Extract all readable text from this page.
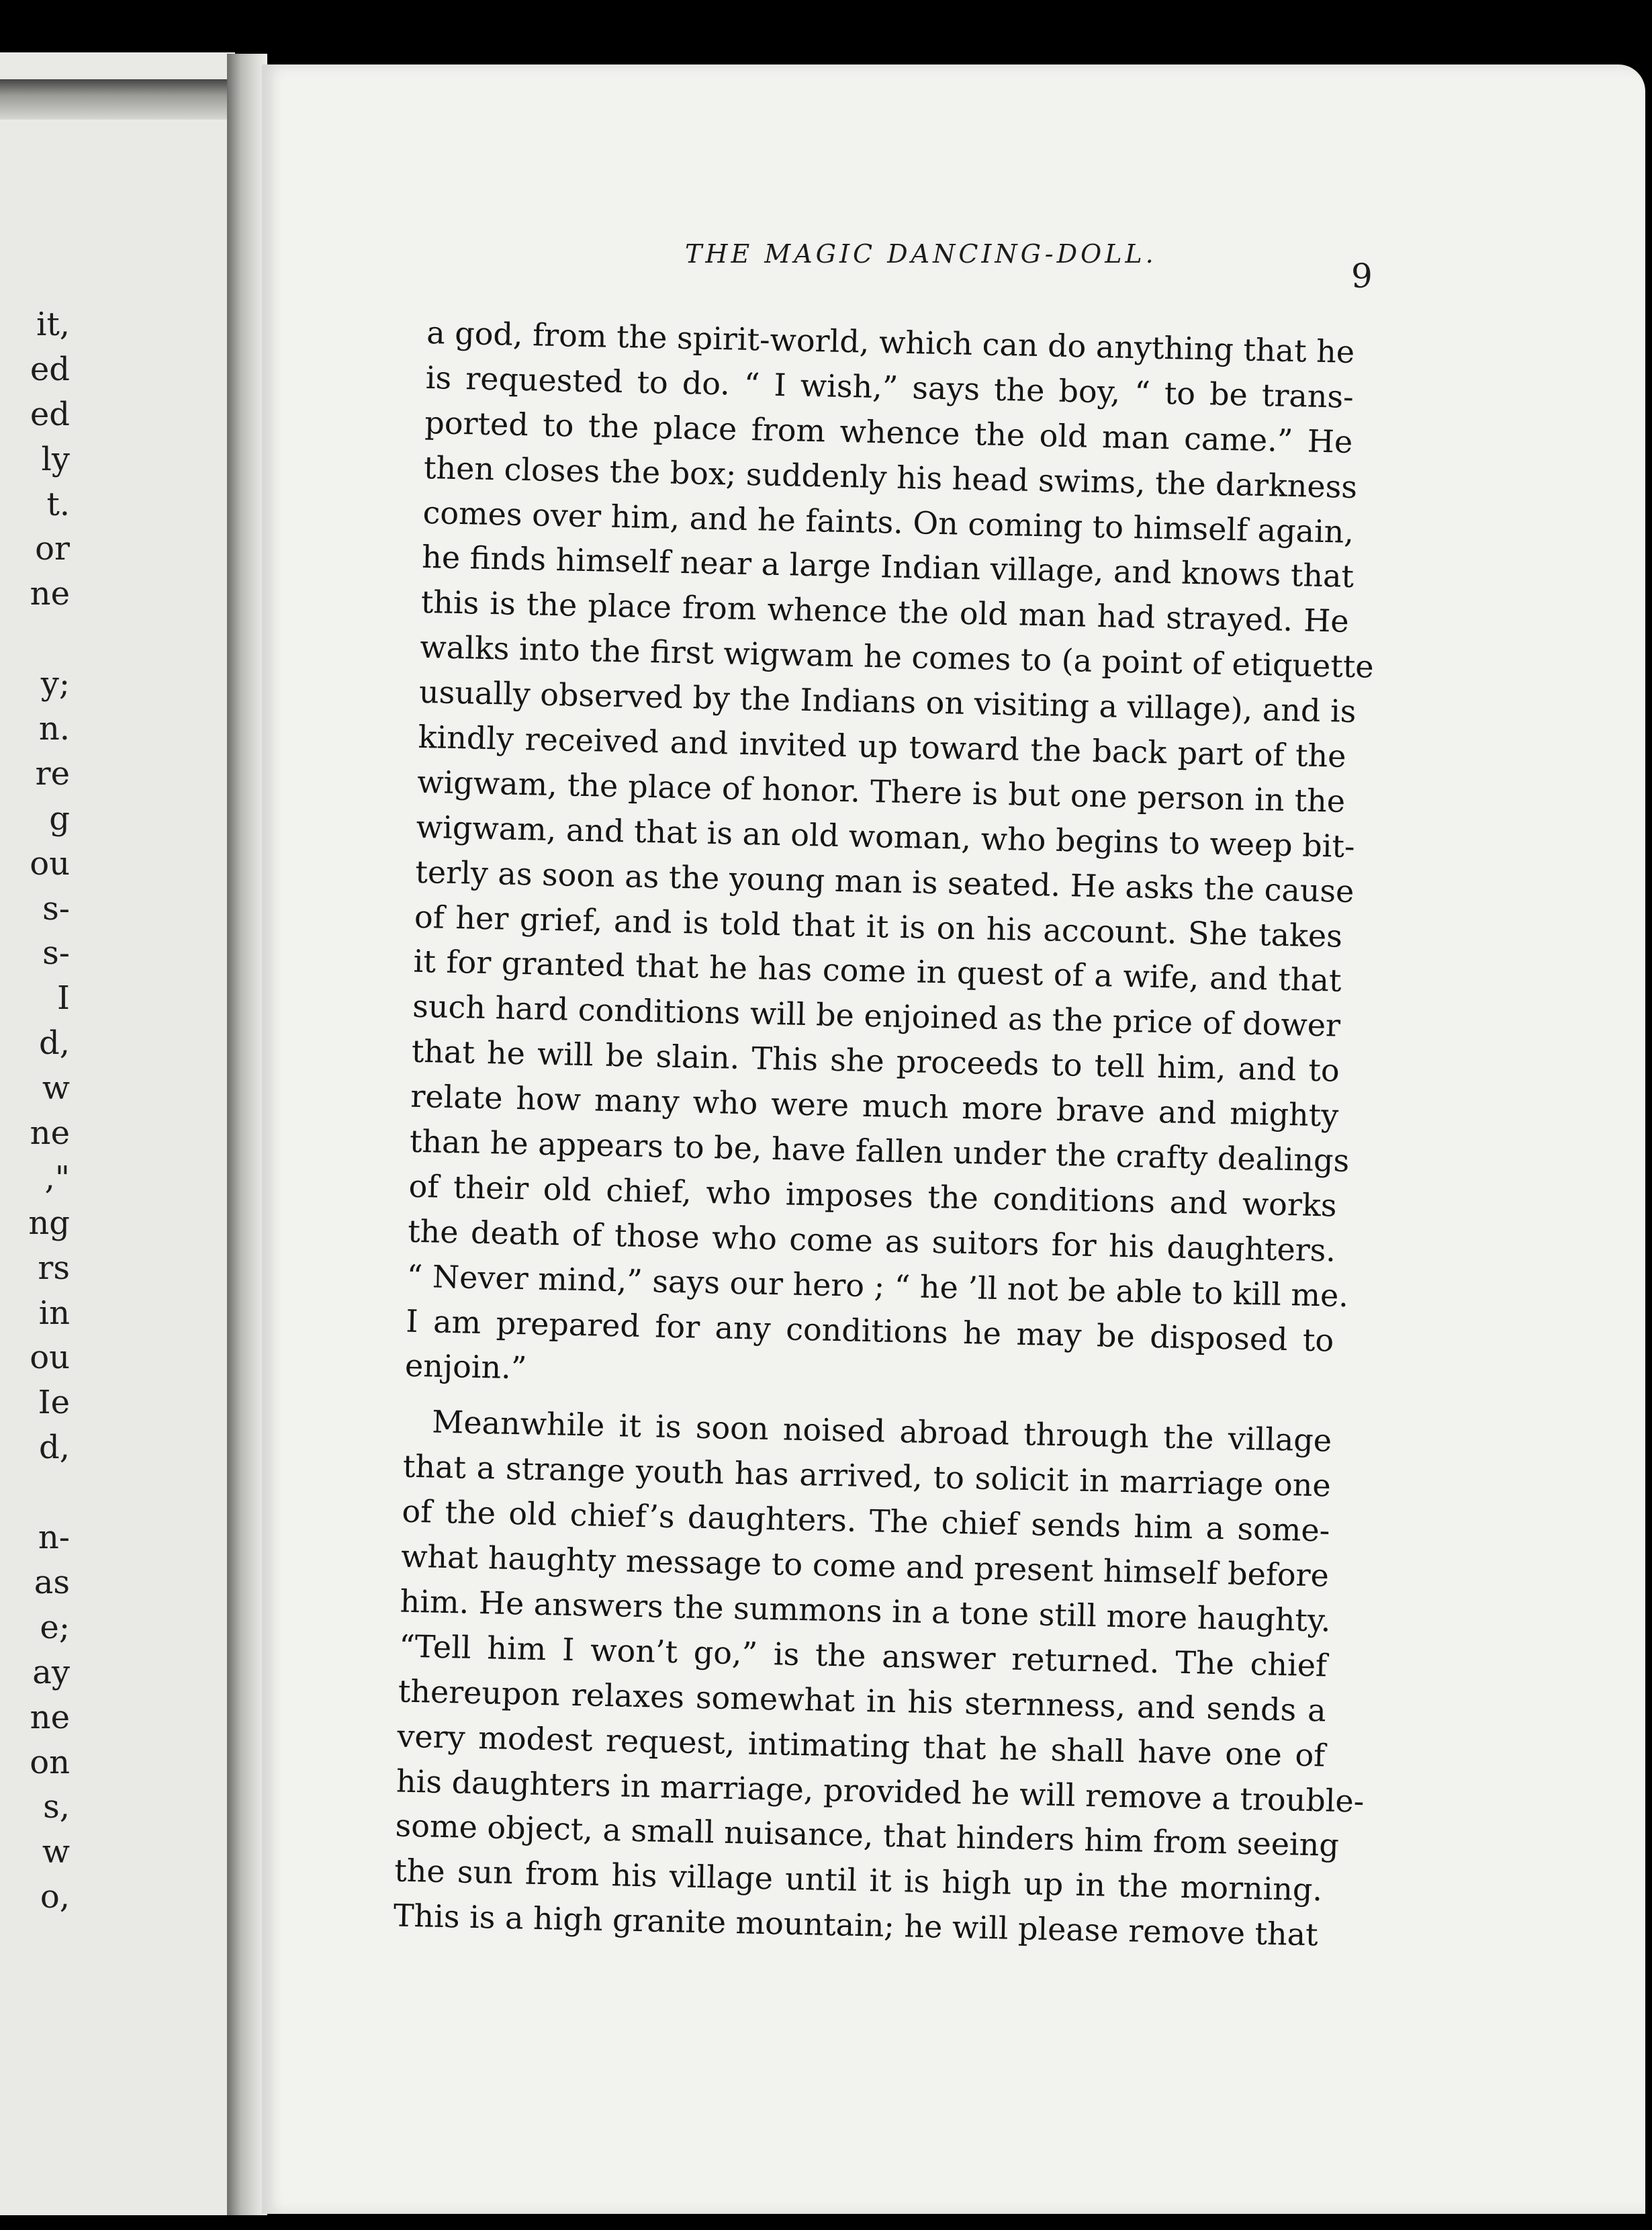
it,
ed
ed
ly
t.
or
ne
y;
n.
re
g
ou
s-
s-
I
d,
w
ne
,"
ng
rs
in
ou
Ie
d,
n-
as
e;
ay
ne
on
s,
w
o,
THE MAGIC DANCING-DOLL.
9
a god, from the spirit-world, which can do anything that he
is requested to do. “ I wish,” says the boy, “ to be trans-
ported to the place from whence the old man came.” He
then closes the box; suddenly his head swims, the darkness
comes over him, and he faints. On coming to himself again,
he finds himself near a large Indian village, and knows that
this is the place from whence the old man had strayed. He
walks into the first wigwam he comes to (a point of etiquette
usually observed by the Indians on visiting a village), and is
kindly received and invited up toward the back part of the
wigwam, the place of honor. There is but one person in the
wigwam, and that is an old woman, who begins to weep bit-
terly as soon as the young man is seated. He asks the cause
of her grief, and is told that it is on his account. She takes
it for granted that he has come in quest of a wife, and that
such hard conditions will be enjoined as the price of dower
that he will be slain. This she proceeds to tell him, and to
relate how many who were much more brave and mighty
than he appears to be, have fallen under the crafty dealings
of their old chief, who imposes the conditions and works
the death of those who come as suitors for his daughters.
“ Never mind,” says our hero ; “ he ’ll not be able to kill me.
I am prepared for any conditions he may be disposed to
enjoin.”
Meanwhile it is soon noised abroad through the village
that a strange youth has arrived, to solicit in marriage one
of the old chief’s daughters. The chief sends him a some-
what haughty message to come and present himself before
him. He answers the summons in a tone still more haughty.
“Tell him I won’t go,” is the answer returned. The chief
thereupon relaxes somewhat in his sternness, and sends a
very modest request, intimating that he shall have one of
his daughters in marriage, provided he will remove a trouble-
some object, a small nuisance, that hinders him from seeing
the sun from his village until it is high up in the morning.
This is a high granite mountain; he will please remove that
